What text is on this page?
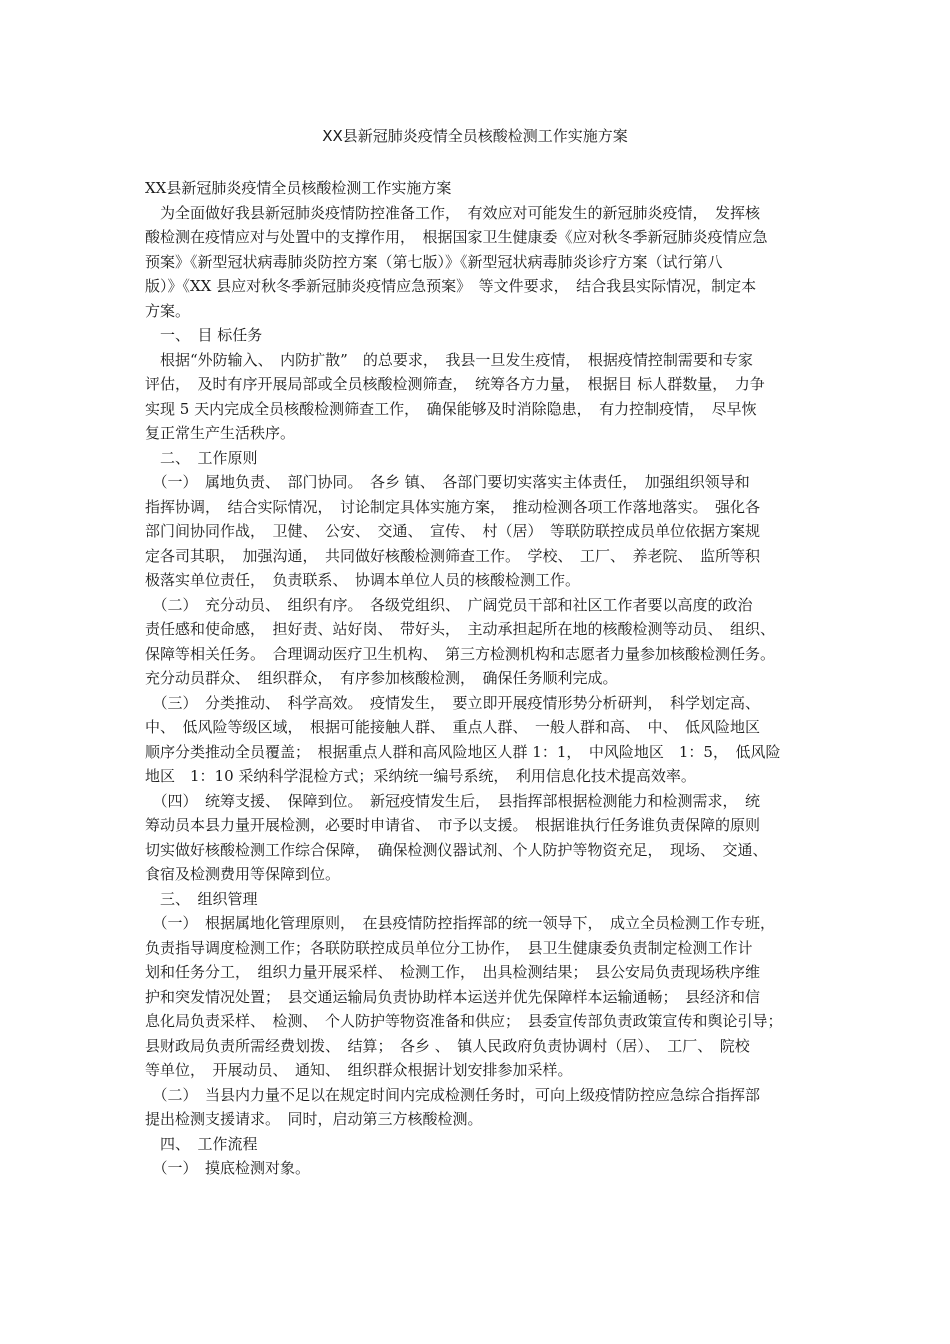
XX县新冠肺炎疫情全员核酸检测工作实施方案
XX县新冠肺炎疫情全员核酸检测工作实施方案
　为全面做好我县新冠肺炎疫情防控准备工作，　有效应对可能发生的新冠肺炎疫情，　发挥核
酸检测在疫情应对与处置中的支撑作用，　根据国家卫生健康委《应对秋冬季新冠肺炎疫情应急
预案》《新型冠状病毒肺炎防控方案（第七版）》《新型冠状病毒肺炎诊疗方案（试行第八
版）》《XX 县应对秋冬季新冠肺炎疫情应急预案》　等文件要求，　结合我县实际情况，制定本
方案。
　一、　目 标任务
　根据“外防输入、　内防扩散”　的总要求，　我县一旦发生疫情，　根据疫情控制需要和专家
评估，　及时有序开展局部或全员核酸检测筛查，　统筹各方力量，　根据目 标人群数量，　力争
实现 5 天内完成全员核酸检测筛查工作，　确保能够及时消除隐患，　有力控制疫情，　尽早恢
复正常生产生活秩序。
　二、　工作原则
　（一）　属地负责、　部门协同。　各乡 镇、　各部门要切实落实主体责任，　加强组织领导和
指挥协调，　结合实际情况，　讨论制定具体实施方案，　推动检测各项工作落地落实。　强化各
部门间协同作战，　卫健、　公安、　交通、　宣传、　村（居）　等联防联控成员单位依据方案规
定各司其职，　加强沟通，　共同做好核酸检测筛查工作。　学校、　工厂、　养老院、　监所等积
极落实单位责任，　负责联系、　协调本单位人员的核酸检测工作。
　（二）　充分动员、　组织有序。　各级党组织、　广阔党员干部和社区工作者要以高度的政治
责任感和使命感，　担好责、站好岗、　带好头，　主动承担起所在地的核酸检测等动员、　组织、
保障等相关任务。　合理调动医疗卫生机构、　第三方检测机构和志愿者力量参加核酸检测任务。
充分动员群众、　组织群众，　有序参加核酸检测，　确保任务顺利完成。
　（三）　分类推动、　科学高效。　疫情发生，　要立即开展疫情形势分析研判，　科学划定高、
中、　低风险等级区域，　根据可能接触人群、　重点人群、　一般人群和高、　中、　低风险地区
顺序分类推动全员覆盖；　根据重点人群和高风险地区人群 1：1，　中风险地区　1：5，　低风险
地区　1：10 采纳科学混检方式；采纳统一编号系统，　利用信息化技术提高效率。
　（四）　统筹支援、　保障到位。　新冠疫情发生后，　县指挥部根据检测能力和检测需求，　统
筹动员本县力量开展检测，必要时申请省、　市予以支援。　根据谁执行任务谁负责保障的原则
切实做好核酸检测工作综合保障，　确保检测仪器试剂、个人防护等物资充足，　现场、　交通、
食宿及检测费用等保障到位。
　三、　组织管理
　（一）　根据属地化管理原则，　在县疫情防控指挥部的统一领导下，　成立全员检测工作专班，
负责指导调度检测工作；各联防联控成员单位分工协作，　县卫生健康委负责制定检测工作计
划和任务分工，　组织力量开展采样、　检测工作，　出具检测结果；　县公安局负责现场秩序维
护和突发情况处置；　县交通运输局负责协助样本运送并优先保障样本运输通畅；　县经济和信
息化局负责采样、　检测、　个人防护等物资准备和供应；　县委宣传部负责政策宣传和舆论引导；
县财政局负责所需经费划拨、　结算；　各乡 、　镇人民政府负责协调村（居）、　工厂、　院校
等单位，　开展动员、　通知、　组织群众根据计划安排参加采样。
　（二）　当县内力量不足以在规定时间内完成检测任务时，可向上级疫情防控应急综合指挥部
提出检测支援请求。　同时，启动第三方核酸检测。
　四、　工作流程
　（一）　摸底检测对象。
